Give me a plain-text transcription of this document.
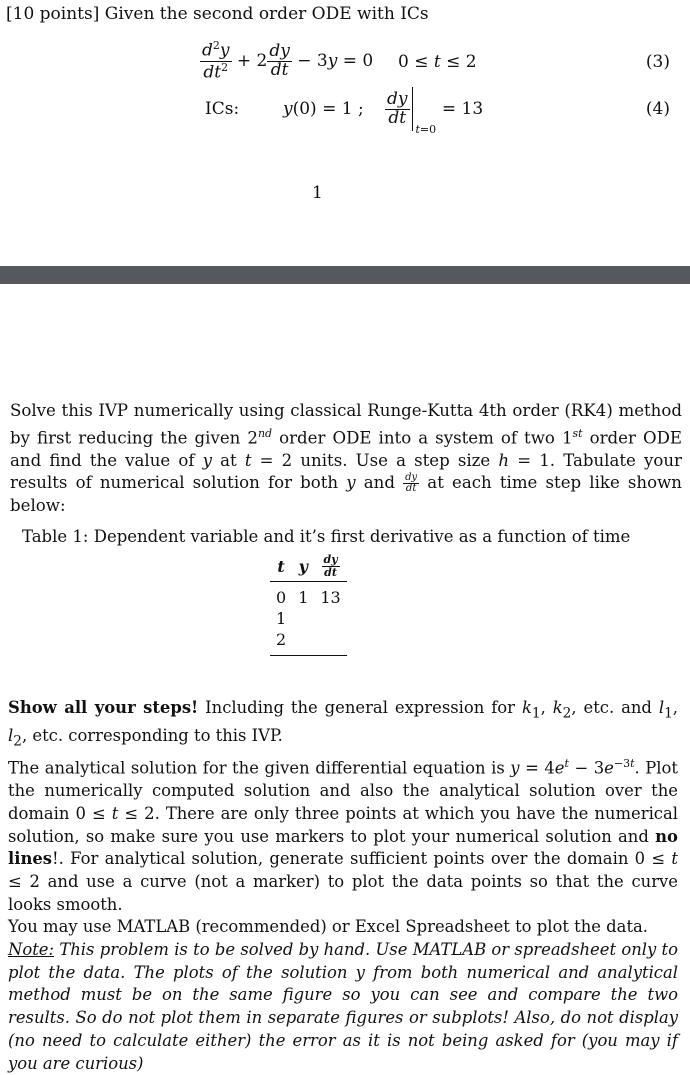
[10 points] Given the second order ODE with ICs
$\frac{d^2y}{dt^2} + 2 \frac{dy}{dt} - 3y = 0$ 0 ≤ t ≤ 2	(3)
ICs:	y(0) = 1 ; $\frac{dy}{dt}$
t=0
= 13	(4)
1
Solve this IVP numerically using classical Runge-Kutta 4th order (RK4) method by first reducing the given 2nd order ODE into a system of two 1st order ODE and find the value of y at t = 2 units. Use a step size h = 1. Tabulate your results of numerical solution for both y and $\frac{dy}{dt}$ at each time step like shown below:
Table 1: Dependent variable and it’s first derivative as a function of time
t	y	$\frac{dy}{dt}$

0	1	13
1		
2		

Show all your steps! Including the general expression for $k_1$, $k_2$, etc. and $l_1$, $l_2$, etc. corresponding to this IVP.

The analytical solution for the given differential equation is $y = 4e^t - 3e^{-3t}$. Plot the numerically computed solution and also the analytical solution over the domain 0 ≤ t ≤ 2. There are only three points at which you have the numerical solution, so make sure you use markers to plot your numerical solution and no lines!. For analytical solution, generate sufficient points over the domain 0 ≤ t ≤ 2 and use a curve (not a marker) to plot the data points so that the curve looks smooth.

You may use MATLAB (recommended) or Excel Spreadsheet to plot the data.

Note: This problem is to be solved by hand. Use MATLAB or spreadsheet only to plot the data. The plots of the solution y from both numerical and analytical method must be on the same figure so you can see and compare the two results. So do not plot them in separate figures or subplots! Also, do not display (no need to calculate either) the error as it is not being asked for (you may if you are curious)
